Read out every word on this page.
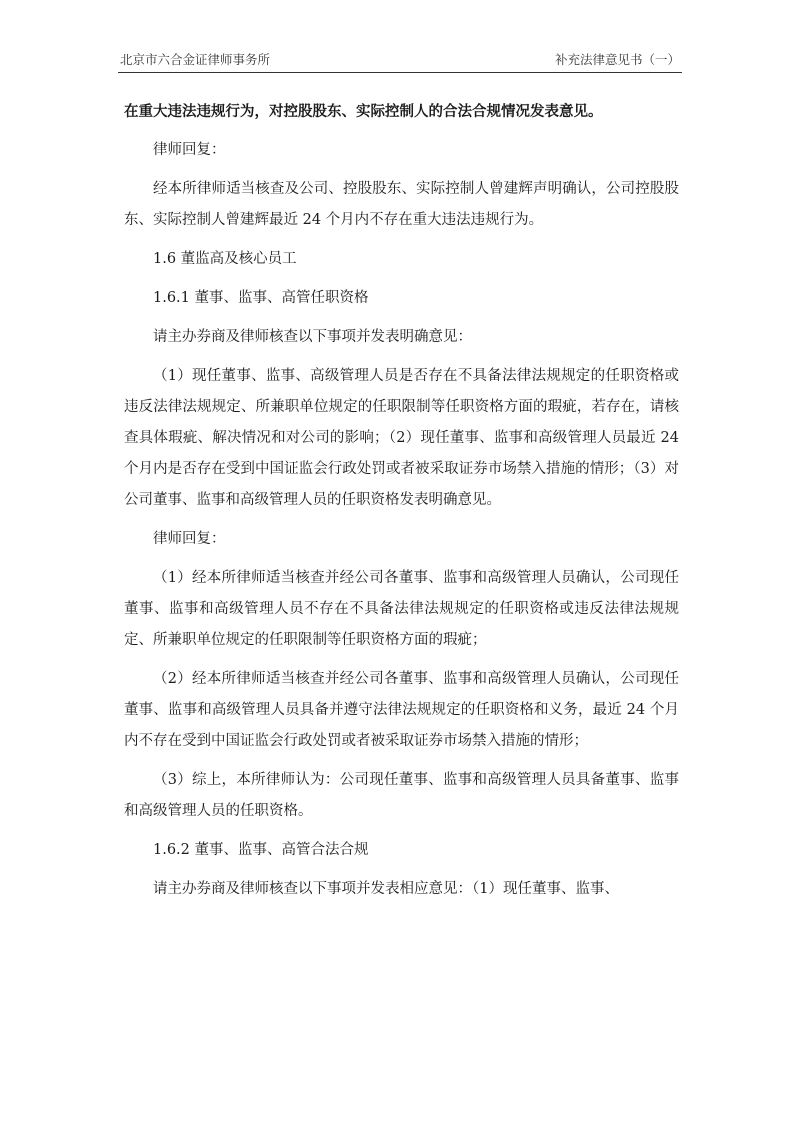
北京市六合金证律师事务所	补充法律意见书（一）

在重大违法违规行为，对控股股东、实际控制人的合法合规情况发表意见。

律师回复：

经本所律师适当核查及公司、控股股东、实际控制人曾建辉声明确认，公司控股股东、实际控制人曾建辉最近 24 个月内不存在重大违法违规行为。

1.6 董监高及核心员工

1.6.1 董事、监事、高管任职资格

请主办券商及律师核查以下事项并发表明确意见：

（1）现任董事、监事、高级管理人员是否存在不具备法律法规规定的任职资格或违反法律法规规定、所兼职单位规定的任职限制等任职资格方面的瑕疵，若存在，请核查具体瑕疵、解决情况和对公司的影响；（2）现任董事、监事和高级管理人员最近 24 个月内是否存在受到中国证监会行政处罚或者被采取证券市场禁入措施的情形；（3）对公司董事、监事和高级管理人员的任职资格发表明确意见。

律师回复：

（1）经本所律师适当核查并经公司各董事、监事和高级管理人员确认，公司现任董事、监事和高级管理人员不存在不具备法律法规规定的任职资格或违反法律法规规定、所兼职单位规定的任职限制等任职资格方面的瑕疵；

（2）经本所律师适当核查并经公司各董事、监事和高级管理人员确认，公司现任董事、监事和高级管理人员具备并遵守法律法规规定的任职资格和义务，最近 24 个月内不存在受到中国证监会行政处罚或者被采取证券市场禁入措施的情形；

（3）综上，本所律师认为：公司现任董事、监事和高级管理人员具备董事、监事和高级管理人员的任职资格。

1.6.2 董事、监事、高管合法合规

请主办券商及律师核查以下事项并发表相应意见：（1）现任董事、监事、
